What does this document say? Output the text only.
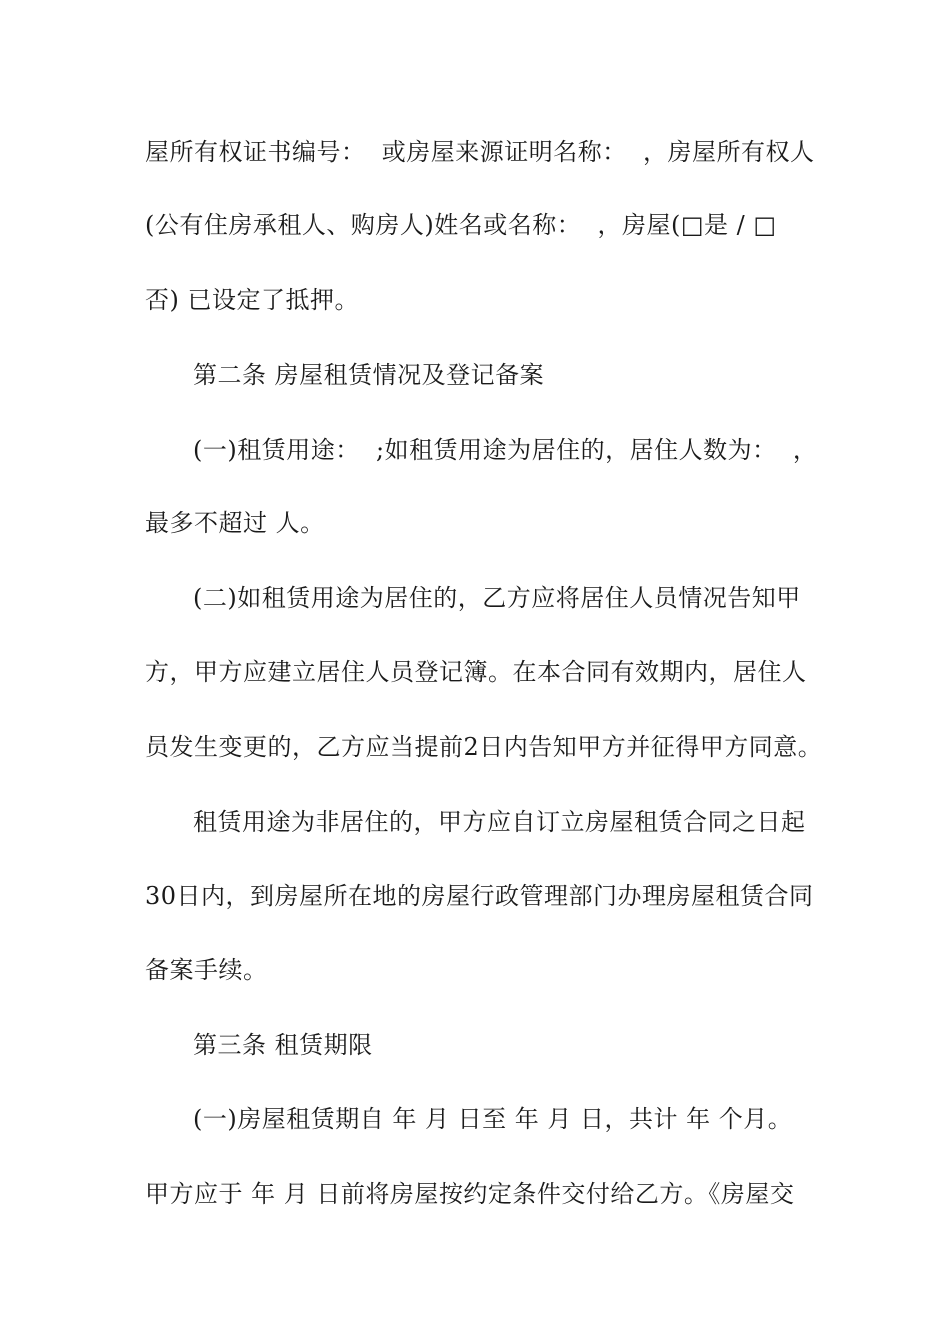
屋所有权证书编号：  或房屋来源证明名称：  ，房屋所有权人
(公有住房承租人、购房人)姓名或名称：  ，房屋(□是 / □
否) 已设定了抵押。
第二条 房屋租赁情况及登记备案
(一)租赁用途：  ;如租赁用途为居住的，居住人数为：  ，
最多不超过 人。
(二)如租赁用途为居住的，乙方应将居住人员情况告知甲
方，甲方应建立居住人员登记簿。在本合同有效期内，居住人
员发生变更的，乙方应当提前2日内告知甲方并征得甲方同意。
租赁用途为非居住的，甲方应自订立房屋租赁合同之日起
30日内，到房屋所在地的房屋行政管理部门办理房屋租赁合同
备案手续。
第三条 租赁期限
(一)房屋租赁期自 年 月 日至 年 月 日，共计 年 个月。
甲方应于 年 月 日前将房屋按约定条件交付给乙方。《房屋交
